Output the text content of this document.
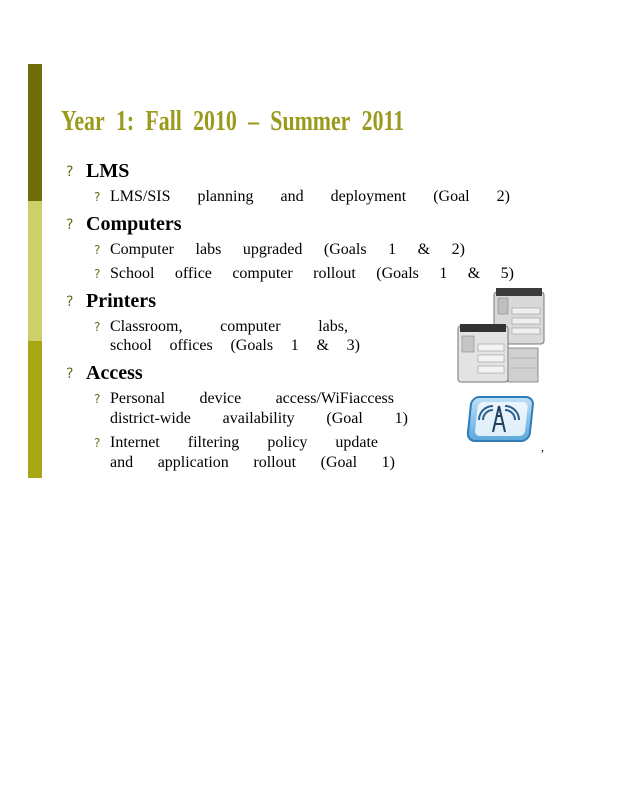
Year 1: Fall 2010 – Summer 2011
? LMS
? LMS/SIS planning and deployment (Goal 2)
? Computers
? Computer labs upgraded (Goals 1 & 2)
? School office computer rollout (Goals 1 & 5)
? Printers
? Classroom, computer labs,
school offices (Goals 1 & 3)
? Access
? Personal device access/WiFiaccess
district-wide availability (Goal 1)
? Internet filtering policy update
and application rollout (Goal 1)
,
